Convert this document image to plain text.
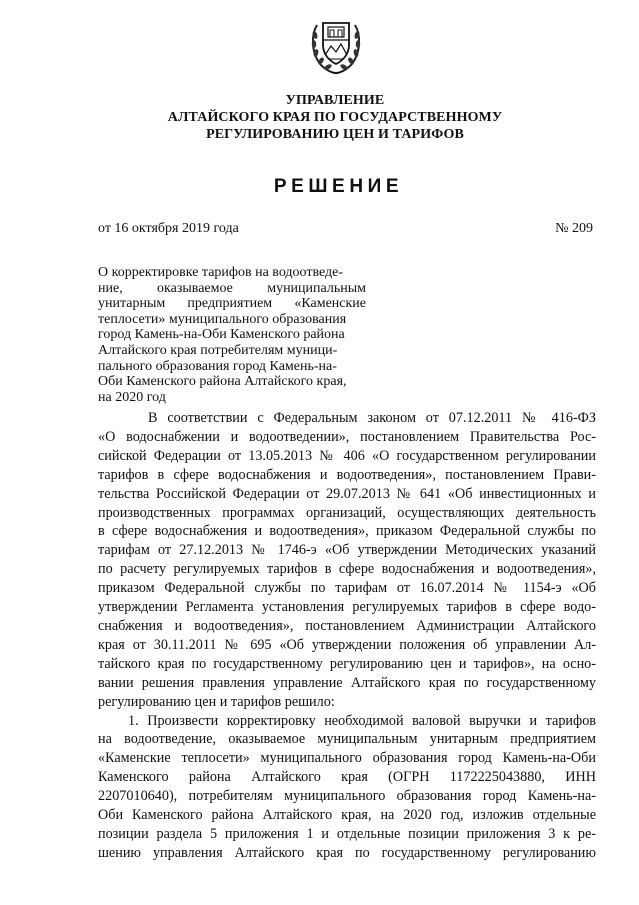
УПРАВЛЕНИЕ
АЛТАЙСКОГО КРАЯ ПО ГОСУДАРСТВЕННОМУ
РЕГУЛИРОВАНИЮ ЦЕН И ТАРИФОВ
РЕШЕНИЕ
от 16 октября 2019 года	№ 209
О корректировке тарифов на водоотведе-
ние, оказываемое муниципальным
унитарным предприятием «Каменские
теплосети» муниципального образования
город Камень-на-Оби Каменского района
Алтайского края потребителям муници-
пального образования город Камень-на-
Оби Каменского района Алтайского края,
на 2020 год
В соответствии с Федеральным законом от 07.12.2011 № 416-ФЗ
«О водоснабжении и водоотведении», постановлением Правительства Рос-
сийской Федерации от 13.05.2013 № 406 «О государственном регулировании
тарифов в сфере водоснабжения и водоотведения», постановлением Прави-
тельства Российской Федерации от 29.07.2013 № 641 «Об инвестиционных и
производственных программах организаций, осуществляющих деятельность
в сфере водоснабжения и водоотведения», приказом Федеральной службы по
тарифам от 27.12.2013 № 1746-э «Об утверждении Методических указаний
по расчету регулируемых тарифов в сфере водоснабжения и водоотведения»,
приказом Федеральной службы по тарифам от 16.07.2014 № 1154-э «Об
утверждении Регламента установления регулируемых тарифов в сфере водо-
снабжения и водоотведения», постановлением Администрации Алтайского
края от 30.11.2011 № 695 «Об утверждении положения об управлении Ал-
тайского края по государственному регулированию цен и тарифов», на осно-
вании решения правления управление Алтайского края по государственному
регулированию цен и тарифов решило:
1. Произвести корректировку необходимой валовой выручки и тарифов
на водоотведение, оказываемое муниципальным унитарным предприятием
«Каменские теплосети» муниципального образования город Камень-на-Оби
Каменского района Алтайского края (ОГРН 1172225043880, ИНН
2207010640), потребителям муниципального образования город Камень-на-
Оби Каменского района Алтайского края, на 2020 год, изложив отдельные
позиции раздела 5 приложения 1 и отдельные позиции приложения 3 к ре-
шению управления Алтайского края по государственному регулированию
